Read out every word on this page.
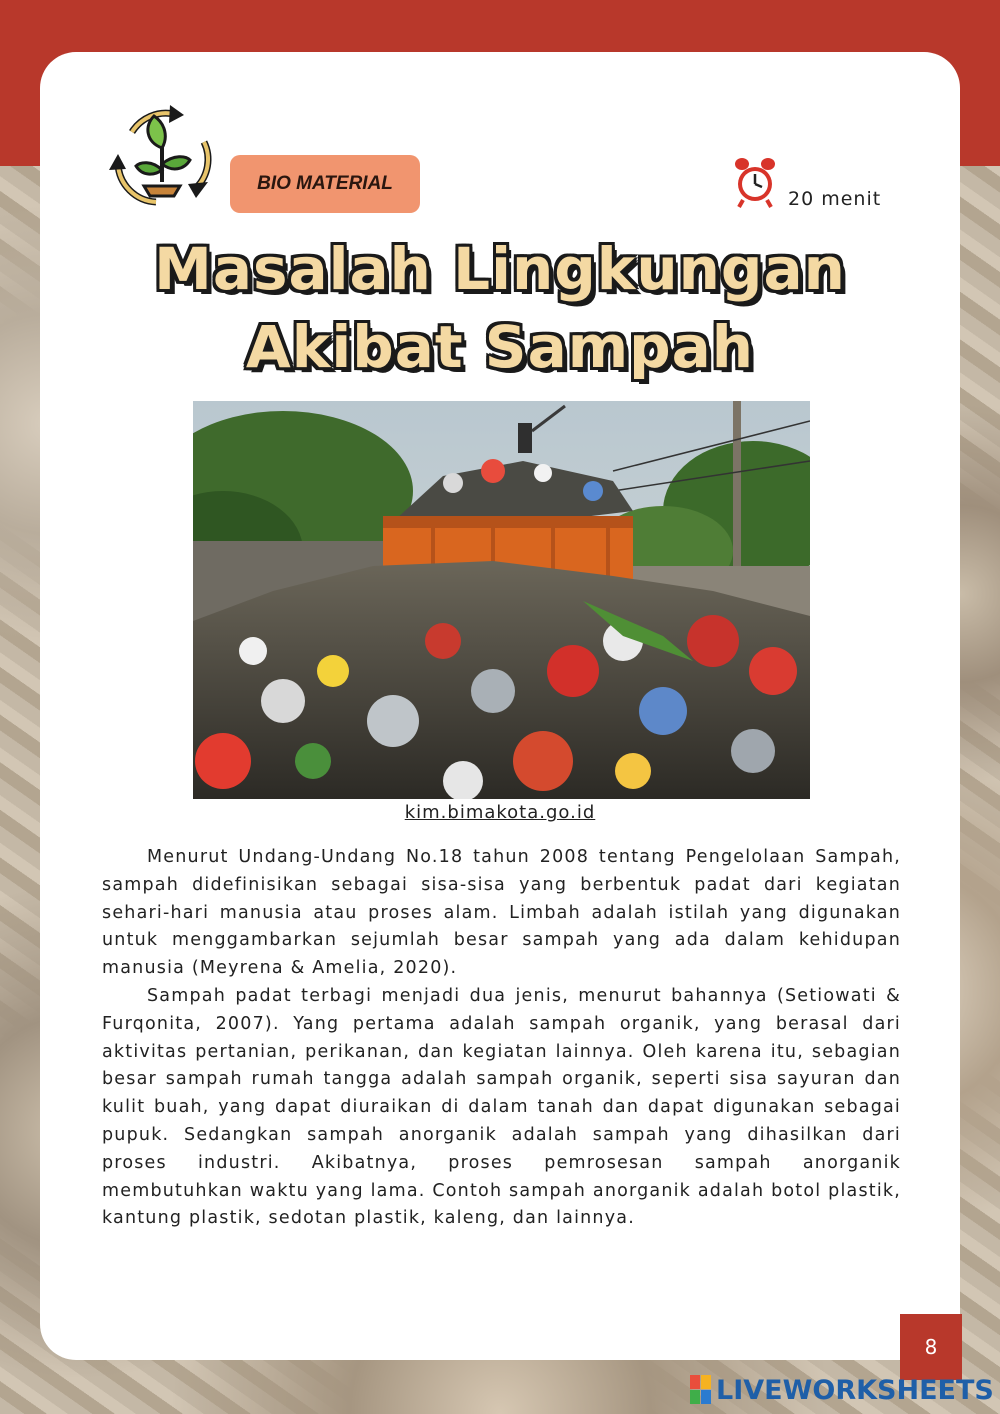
BIO MATERIAL
20 menit
Masalah Lingkungan
Akibat Sampah
kim.bimakota.go.id

Menurut Undang-Undang No.18 tahun 2008 tentang Pengelolaan Sampah, sampah didefinisikan sebagai sisa-sisa yang berbentuk padat dari kegiatan sehari-hari manusia atau proses alam. Limbah adalah istilah yang digunakan untuk menggambarkan sejumlah besar sampah yang ada dalam kehidupan manusia (Meyrena & Amelia, 2020).

Sampah padat terbagi menjadi dua jenis, menurut bahannya (Setiowati & Furqonita, 2007). Yang pertama adalah sampah organik, yang berasal dari aktivitas pertanian, perikanan, dan kegiatan lainnya. Oleh karena itu, sebagian besar sampah rumah tangga adalah sampah organik, seperti sisa sayuran dan kulit buah, yang dapat diuraikan di dalam tanah dan dapat digunakan sebagai pupuk. Sedangkan sampah anorganik adalah sampah yang dihasilkan dari proses industri. Akibatnya, proses pemrosesan sampah anorganik membutuhkan waktu yang lama. Contoh sampah anorganik adalah botol plastik, kantung plastik, sedotan plastik, kaleng, dan lainnya.

8
LIVEWORKSHEETS
